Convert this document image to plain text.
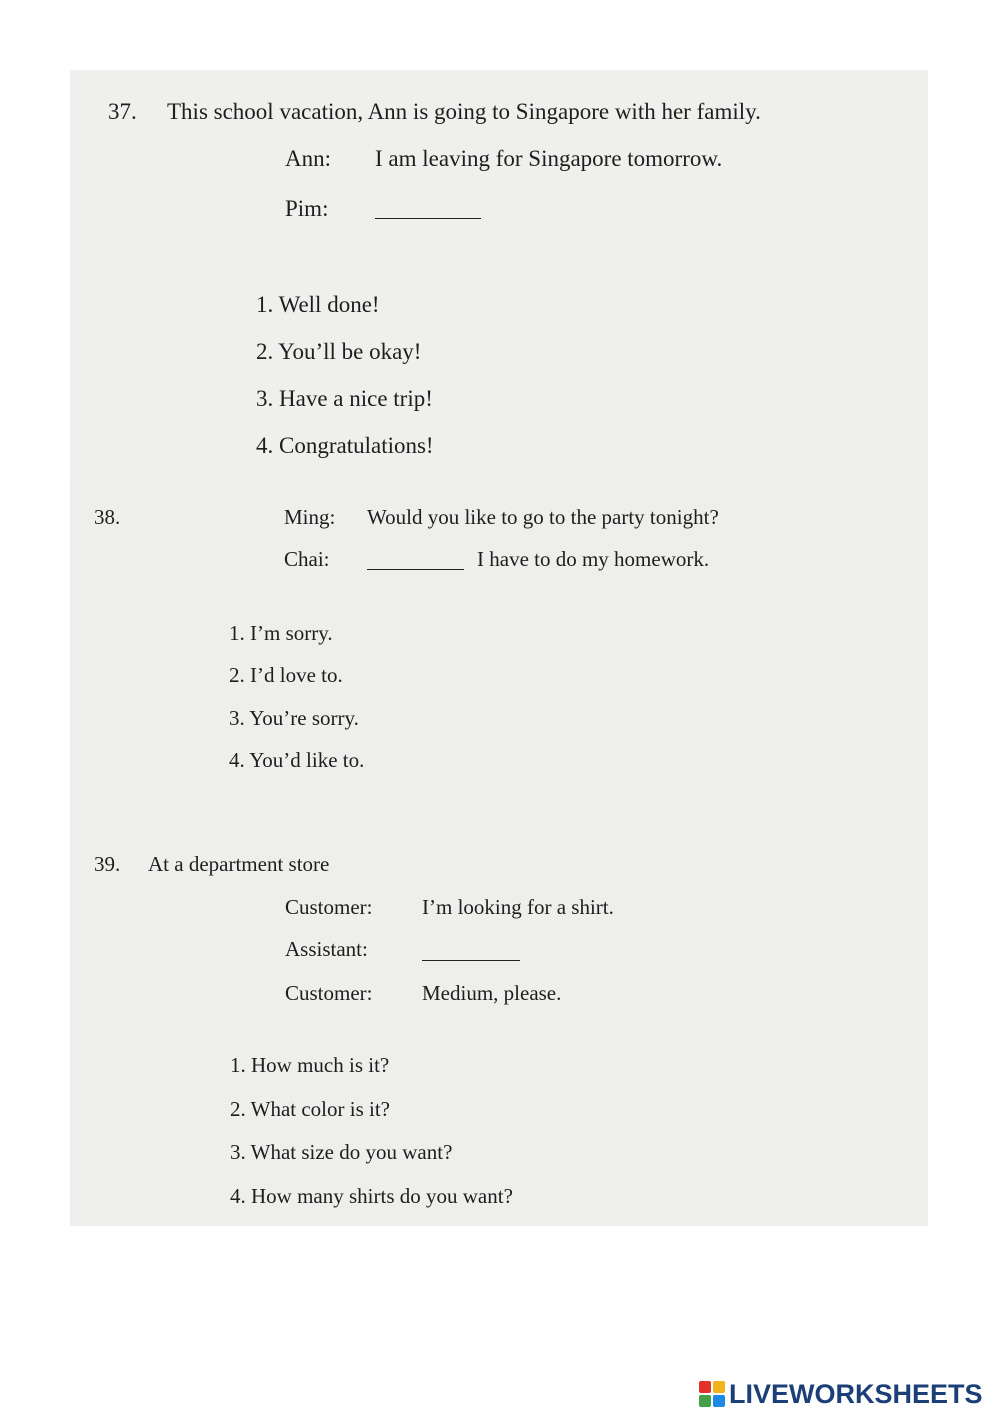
37. This school vacation, Ann is going to Singapore with her family.
Ann: I am leaving for Singapore tomorrow.
Pim:
1. Well done!
2. You’ll be okay!
3. Have a nice trip!
4. Congratulations!
38.	Ming: Would you like to go to the party tonight?
Chai:	I have to do my homework.
1. I’m sorry.
2. I’d love to.
3. You’re sorry.
4. You’d like to.
39. At a department store
Customer: I’m looking for a shirt.
Assistant:
Customer: Medium, please.
1. How much is it?
2. What color is it?
3. What size do you want?
4. How many shirts do you want?
LIVEWORKSHEETS
